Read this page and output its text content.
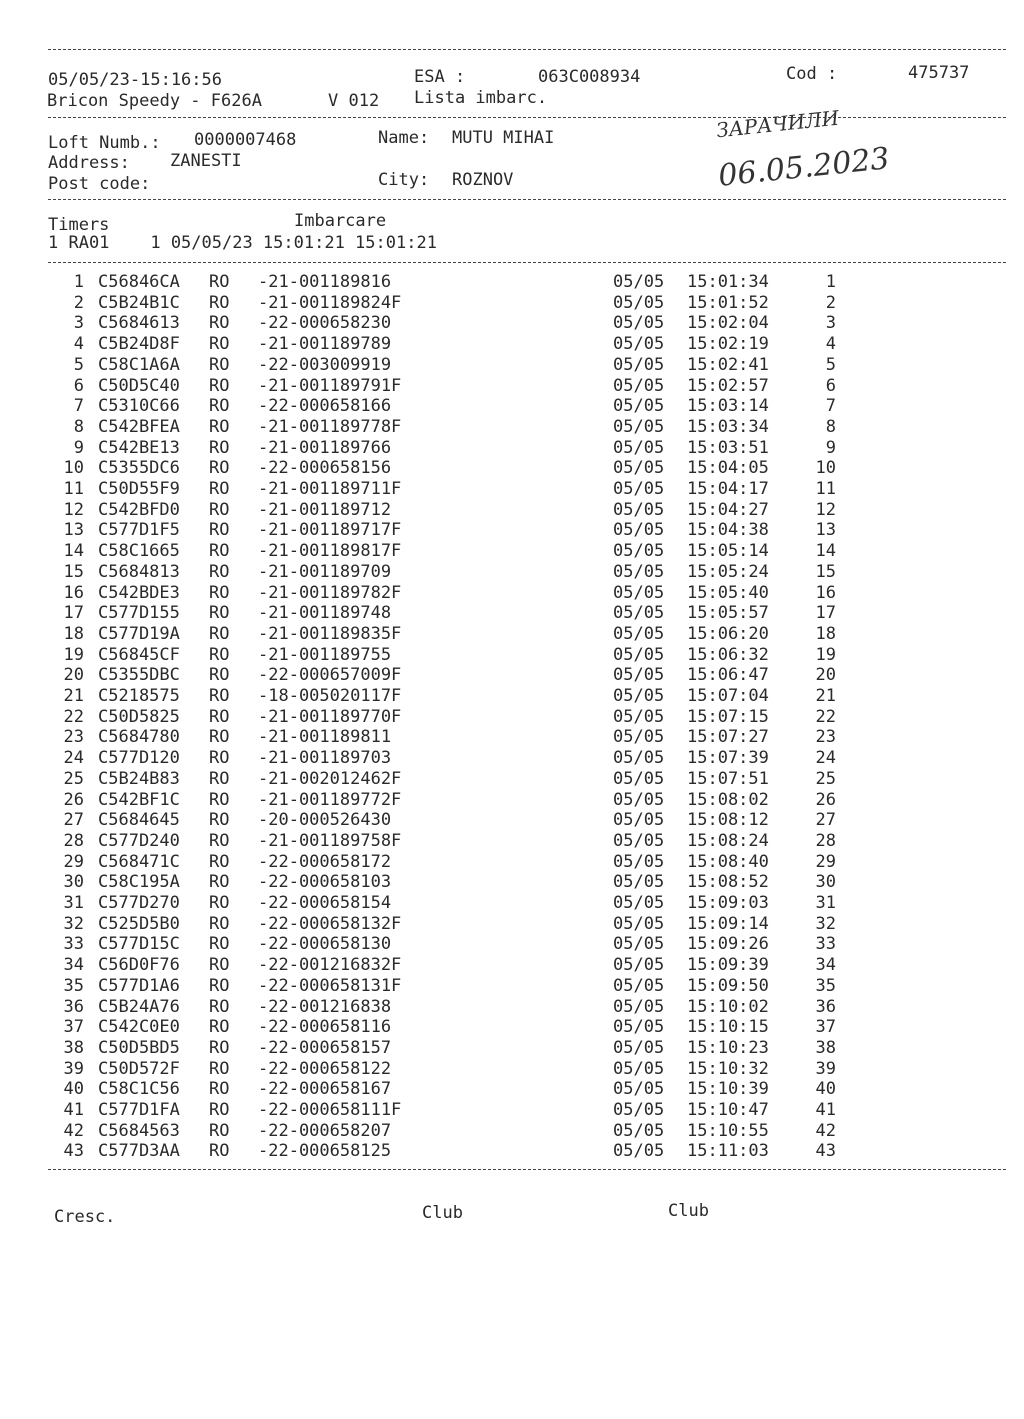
05/05/23-15:16:56	ESA :	063C008934	Cod :	475737
Bricon Speedy - F626A	V 012 Lista imbarc.
Loft Numb.: 0000007468	Name: MUTU MIHAI
Address: ZANESTI
Post code:	City: ROZNOV
ЗАРАЧИЛИ
06.05.2023
Timers	Imbarcare
1 RA01    1 05/05/23 15:01:21 15:01:21
1 C56846CA RO -21-001189816	05/05 15:01:34	1
2 C5B24B1C RO -21-001189824F	05/05 15:01:52	2
3 C5684613 RO -22-000658230	05/05 15:02:04	3
4 C5B24D8F RO -21-001189789	05/05 15:02:19	4
5 C58C1A6A RO -22-003009919	05/05 15:02:41	5
6 C50D5C40 RO -21-001189791F	05/05 15:02:57	6
7 C5310C66 RO -22-000658166	05/05 15:03:14	7
8 C542BFEA RO -21-001189778F	05/05 15:03:34	8
9 C542BE13 RO -21-001189766	05/05 15:03:51	9
10 C5355DC6 RO -22-000658156	05/05 15:04:05	10
11 C50D55F9 RO -21-001189711F	05/05 15:04:17	11
12 C542BFD0 RO -21-001189712	05/05 15:04:27	12
13 C577D1F5 RO -21-001189717F	05/05 15:04:38	13
14 C58C1665 RO -21-001189817F	05/05 15:05:14	14
15 C5684813 RO -21-001189709	05/05 15:05:24	15
16 C542BDE3 RO -21-001189782F	05/05 15:05:40	16
17 C577D155 RO -21-001189748	05/05 15:05:57	17
18 C577D19A RO -21-001189835F	05/05 15:06:20	18
19 C56845CF RO -21-001189755	05/05 15:06:32	19
20 C5355DBC RO -22-000657009F	05/05 15:06:47	20
21 C5218575 RO -18-005020117F	05/05 15:07:04	21
22 C50D5825 RO -21-001189770F	05/05 15:07:15	22
23 C5684780 RO -21-001189811	05/05 15:07:27	23
24 C577D120 RO -21-001189703	05/05 15:07:39	24
25 C5B24B83 RO -21-002012462F	05/05 15:07:51	25
26 C542BF1C RO -21-001189772F	05/05 15:08:02	26
27 C5684645 RO -20-000526430	05/05 15:08:12	27
28 C577D240 RO -21-001189758F	05/05 15:08:24	28
29 C568471C RO -22-000658172	05/05 15:08:40	29
30 C58C195A RO -22-000658103	05/05 15:08:52	30
31 C577D270 RO -22-000658154	05/05 15:09:03	31
32 C525D5B0 RO -22-000658132F	05/05 15:09:14	32
33 C577D15C RO -22-000658130	05/05 15:09:26	33
34 C56D0F76 RO -22-001216832F	05/05 15:09:39	34
35 C577D1A6 RO -22-000658131F	05/05 15:09:50	35
36 C5B24A76 RO -22-001216838	05/05 15:10:02	36
37 C542C0E0 RO -22-000658116	05/05 15:10:15	37
38 C50D5BD5 RO -22-000658157	05/05 15:10:23	38
39 C50D572F RO -22-000658122	05/05 15:10:32	39
40 C58C1C56 RO -22-000658167	05/05 15:10:39	40
41 C577D1FA RO -22-000658111F	05/05 15:10:47	41
42 C5684563 RO -22-000658207	05/05 15:10:55	42
43 C577D3AA RO -22-000658125	05/05 15:11:03	43
Cresc.	Club	Club
